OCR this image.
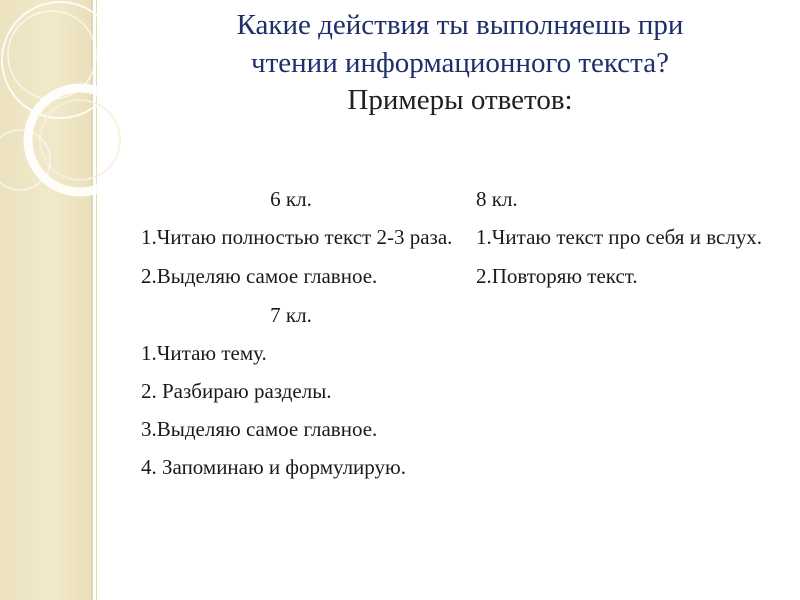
Какие действия ты выполняешь при
чтении информационного текста?
Примеры ответов:
6 кл.
1.Читаю полностью текст 2-3 раза.
2.Выделяю самое главное.
7 кл.
1.Читаю тему.
2. Разбираю разделы.
3.Выделяю самое главное.
4. Запоминаю и формулирую.
8 кл.
1.Читаю текст про себя и вслух.
2.Повторяю текст.
